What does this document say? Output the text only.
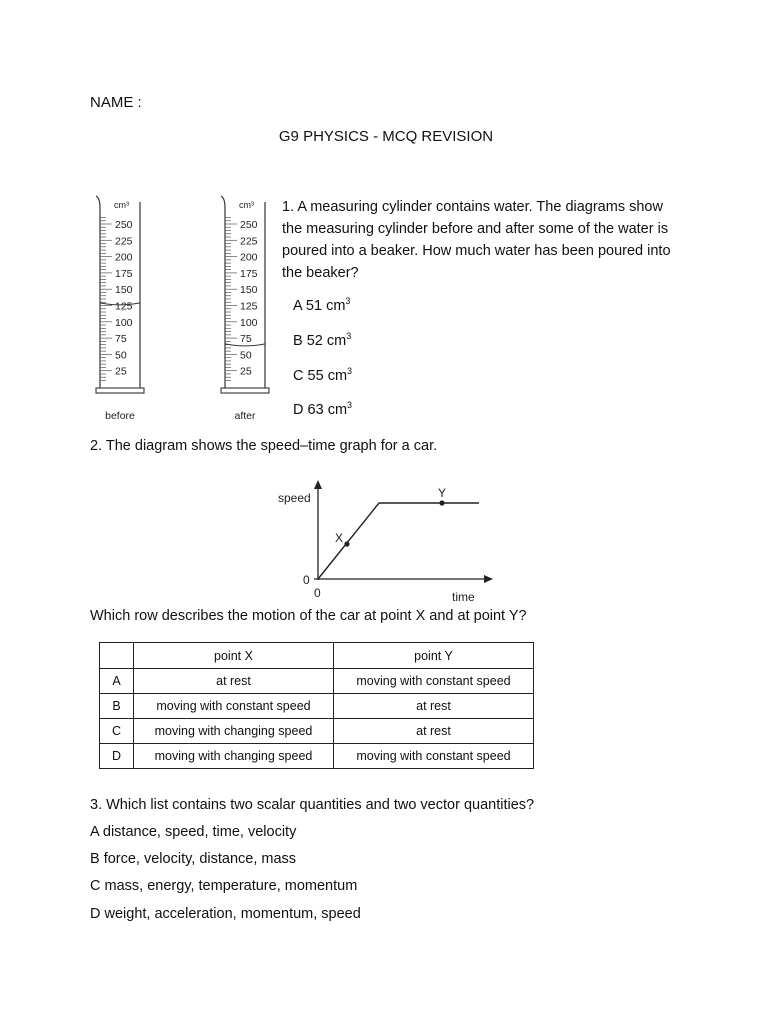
NAME :
G9 PHYSICS - MCQ REVISION
cm³
250
225
200
175
150
125
100
75
50
25
before
cm³
250
225
200
175
150
125
100
75
50
25
after
1. A measuring cylinder contains water. The diagrams show the measuring cylinder before and after some of the water is poured into a beaker. How much water has been poured into the beaker?
A 51 $cm^3$
B 52 $cm^3$
C 55 $cm^3$
D 63 $cm^3$
2. The diagram shows the speed–time graph for a car.
speed
0
0	time
X
Y
Which row describes the motion of the car at point X and at point Y?
	point X	point Y
A	at rest	moving with constant speed
B	moving with constant speed	at rest
C	moving with changing speed	at rest
D	moving with changing speed	moving with constant speed
3. Which list contains two scalar quantities and two vector quantities?
A distance, speed, time, velocity
B force, velocity, distance, mass
C mass, energy, temperature, momentum
D weight, acceleration, momentum, speed
